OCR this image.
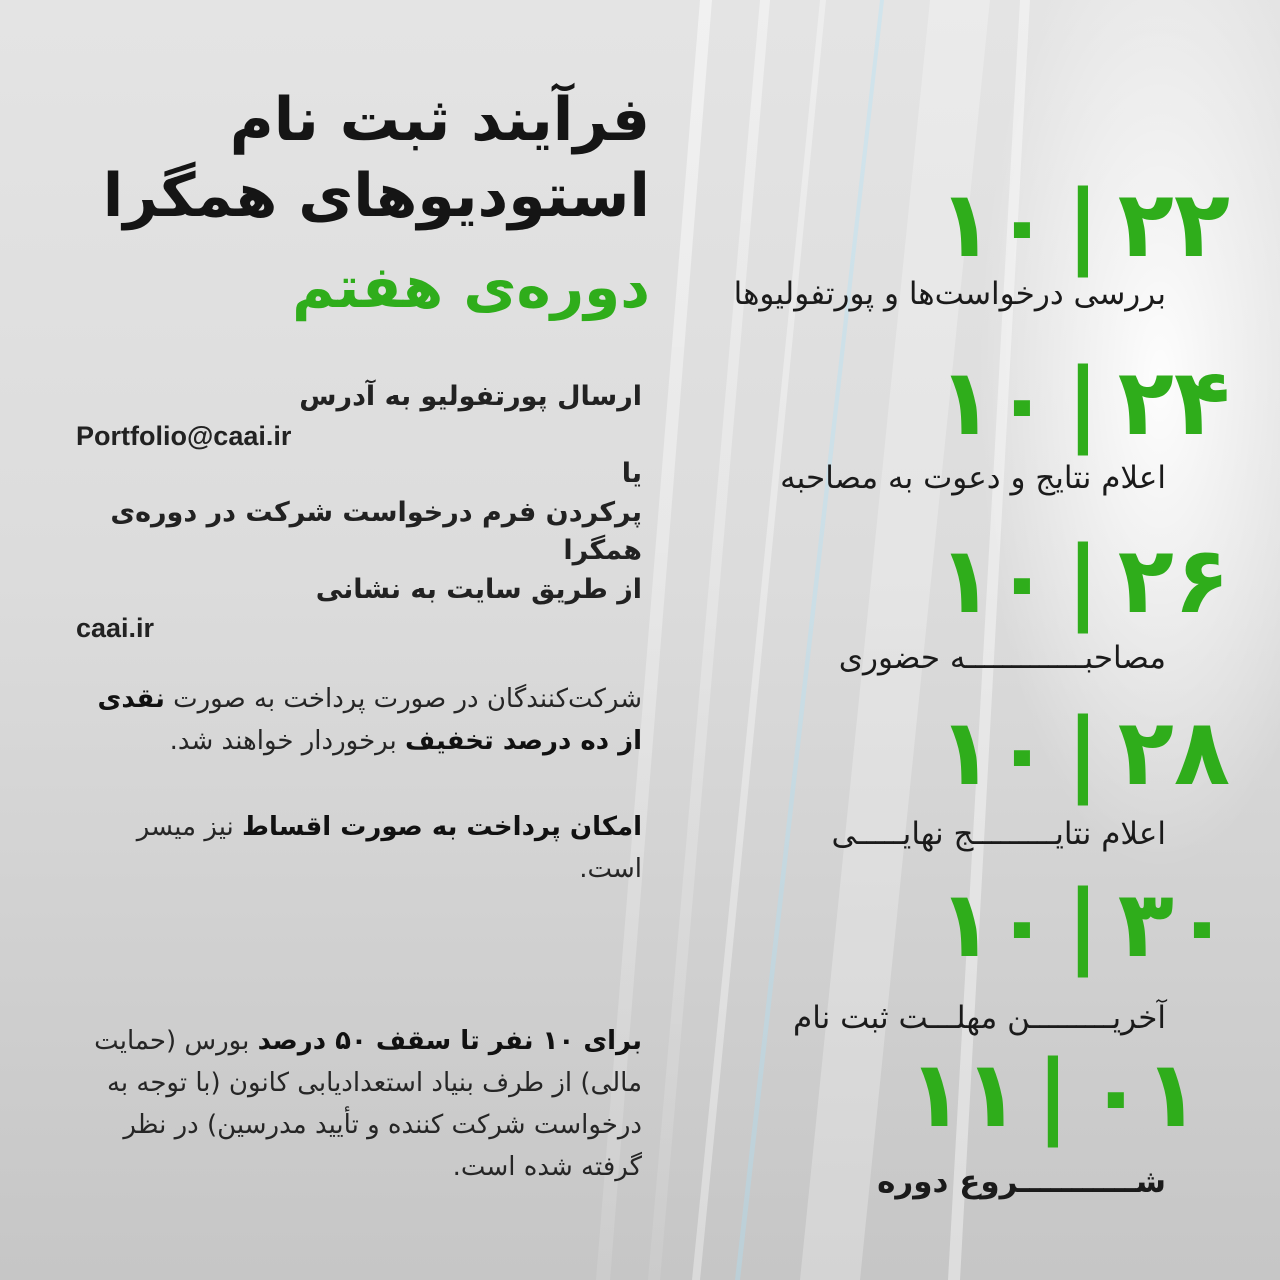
فرآیند ثبت نام
استودیوهای همگرا
دوره‌ی هفتم
ارسال پورتفولیو به آدرس
Portfolio@caai.ir
یا
پرکردن فرم درخواست شرکت در دوره‌ی همگرا
از طریق سایت به نشانی
caai.ir
شرکت‌کنندگان در صورت پرداخت به صورت نقدی از ده درصد تخفیف برخوردار خواهند شد.
امکان پرداخت به صورت اقساط نیز میسر است.
برای ۱۰ نفر تا سقف ۵۰ درصد بورس (حمایت مالی) از طرف بنیاد استعدادیابی کانون (با توجه به درخواست شرکت کننده و تأیید مدرسین) در نظر گرفته شده است.
۱۰ | ۲۲
بررسی درخواست‌ها و پورتفولیوها
۱۰ | ۲۴
اعلام نتایج و دعوت به مصاحبه
۱۰ | ۲۶
مصاحبـــــــــــــه حضوری
۱۰ | ۲۸
اعلام نتایـــــــــج نهایـــــی
۱۰ | ۳۰
آخریـــــــــن مهلـــت ثبت نام
۱۱ | ۰۱
شـــــــــــروع دوره
